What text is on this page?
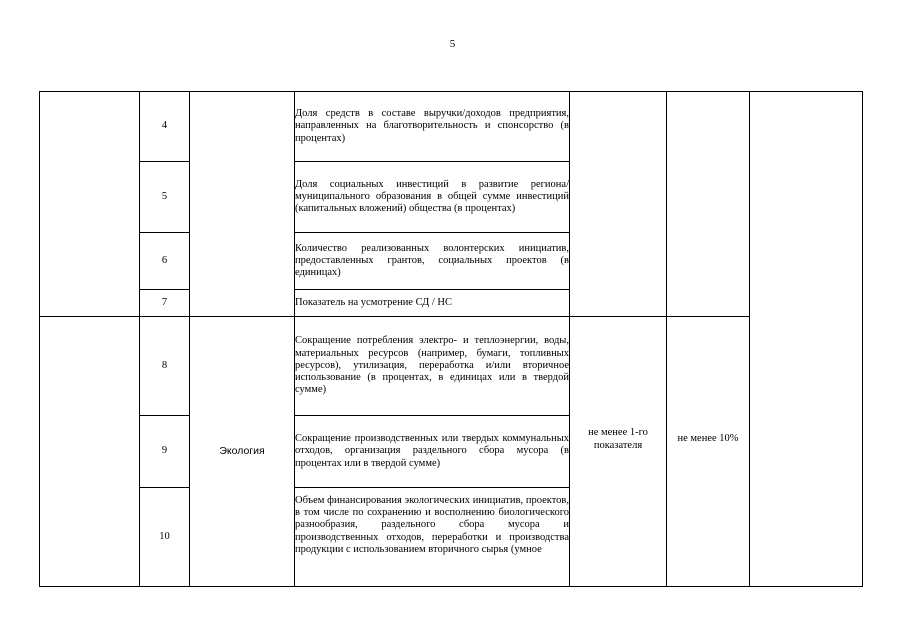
5
	4		Доля средств в составе выручки/доходов предприятия, направленных на благотворительность и спонсорство (в процентах)			
	5		Доля социальных инвестиций в развитие региона/муниципального образования в общей сумме инвестиций (капитальных вложений) общества (в процентах)			
	6		Количество реализованных волонтерских инициатив, предоставленных грантов, социальных проектов (в единицах)			
	7		Показатель на усмотрение СД / НС			
	8	Экология	Сокращение потребления электро- и теплоэнергии, воды, материальных ресурсов (например, бумаги, топливных ресурсов), утилизация, переработка и/или вторичное использование (в процентах, в единицах или в твердой сумме)	не менее 1-го показателя	не менее 10%	

	9		Сокращение производственных или твердых коммунальных отходов, организация раздельного сбора мусора (в процентах или в твердой сумме)			
	10		Объем финансирования экологических инициатив, проектов, в том числе по сохранению и восполнению биологического разнообразия, раздельного сбора мусора и производственных отходов, переработки и производства продукции с использованием вторичного сырья (умное			
